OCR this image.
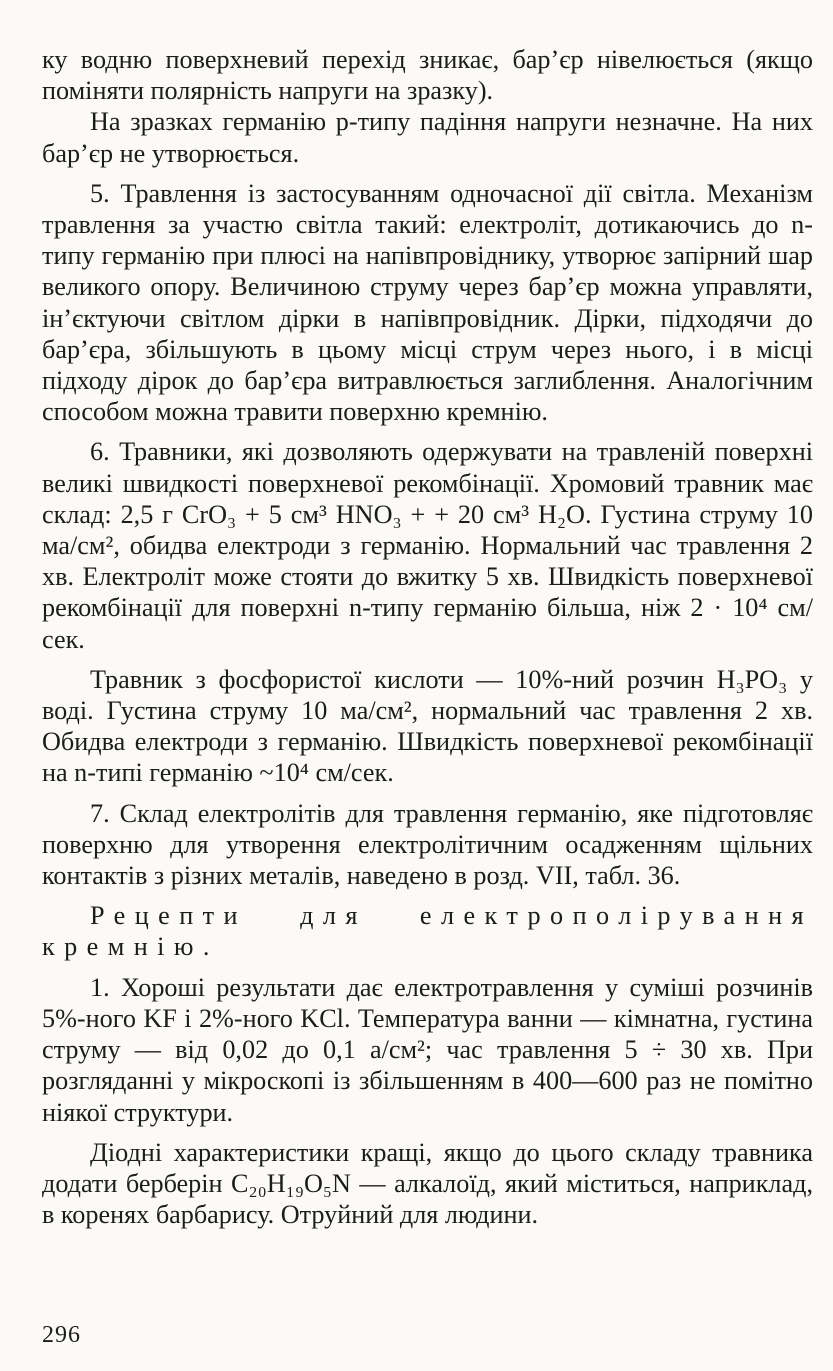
ку водню поверхневий перехід зникає, бар’єр нівелюється (якщо поміняти полярність напруги на зразку).

На зразках германію p-типу падіння напруги незначне. На них бар’єр не утворюється.

5. Травлення із застосуванням одночасної дії світла. Механізм травлення за участю світла такий: електроліт, дотикаючись до n-типу германію при плюсі на напівпровіднику, утворює запірний шар великого опору. Величиною струму через бар’єр можна управляти, ін’єктуючи світлом дірки в напівпровідник. Дірки, підходячи до бар’єра, збільшують в цьому місці струм через нього, і в місці підходу дірок до бар’єра витравлюється заглиблення. Аналогічним способом можна травити поверхню кремнію.

6. Травники, які дозволяють одержувати на травленій поверхні великі швидкості поверхневої рекомбінації. Хромовий травник має склад: 2,5 г CrO₃ + 5 см³ HNO₃ + + 20 см³ H₂O. Густина струму 10 ма/см², обидва електроди з германію. Нормальний час травлення 2 хв. Електроліт може стояти до вжитку 5 хв. Швидкість поверхневої рекомбінації для поверхні n-типу германію більша, ніж 2 · 10⁴ см/сек.

Травник з фосфористої кислоти — 10%-ний розчин H₃PO₃ у воді. Густина струму 10 ма/см², нормальний час травлення 2 хв. Обидва електроди з германію. Швидкість поверхневої рекомбінації на n-типі германію ~10⁴ см/сек.

7. Склад електролітів для травлення германію, яке підготовляє поверхню для утворення електролітичним осадженням щільних контактів з різних металів, наведено в розд. VII, табл. 36.

Рецепти для електрополірування кремнію.

1. Хороші результати дає електротравлення у суміші розчинів 5%-ного KF і 2%-ного KCl. Температура ванни — кімнатна, густина струму — від 0,02 до 0,1 а/см²; час травлення 5 ÷ 30 хв. При розгляданні у мікроскопі із збільшенням в 400—600 раз не помітно ніякої структури.

Діодні характеристики кращі, якщо до цього складу травника додати берберін C₂₀H₁₉O₅N — алкалоїд, який міститься, наприклад, в коренях барбарису. Отруйний для людини.

296
